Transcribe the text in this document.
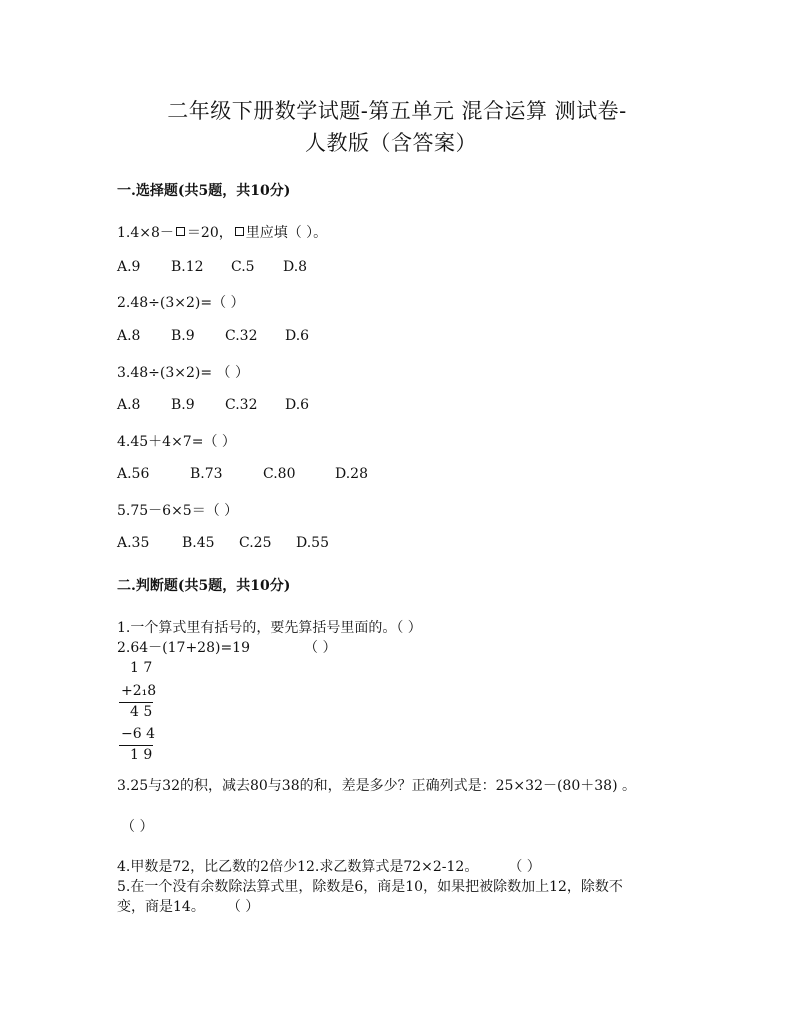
二年级下册数学试题-第五单元 混合运算 测试卷-
人教版（含答案）
一.选择题(共5题，共10分)
1.4×8－ ＝20， 里应填（ ）。
A.9 B.12 C.5 D.8
2.48÷(3×2)=（ ）
A.8 B.9 C.32 D.6
3.48÷(3×2)= （ ）
A.8 B.9 C.32 D.6
4.45＋4×7=（ ）
A.56	B.73	C.80	D.28
5.75－6×5＝（ ）
A.35 B.45 C.25 D.55
二.判断题(共5题，共10分)
1.一个算式里有括号的，要先算括号里面的。（ ）
2.64－(17+28)=19	（ ）
1 7
+2₁8
4 5
−6 4
1 9
3.25与32的积，减去80与38的和，差是多少？正确列式是：25×32－(80＋38) 。
（ ）
4.甲数是72，比乙数的2倍少12.求乙数算式是72×2-12。 （ ）
5.在一个没有余数除法算式里，除数是6，商是10，如果把被除数加上12，除数不
变，商是14。 （ ）
